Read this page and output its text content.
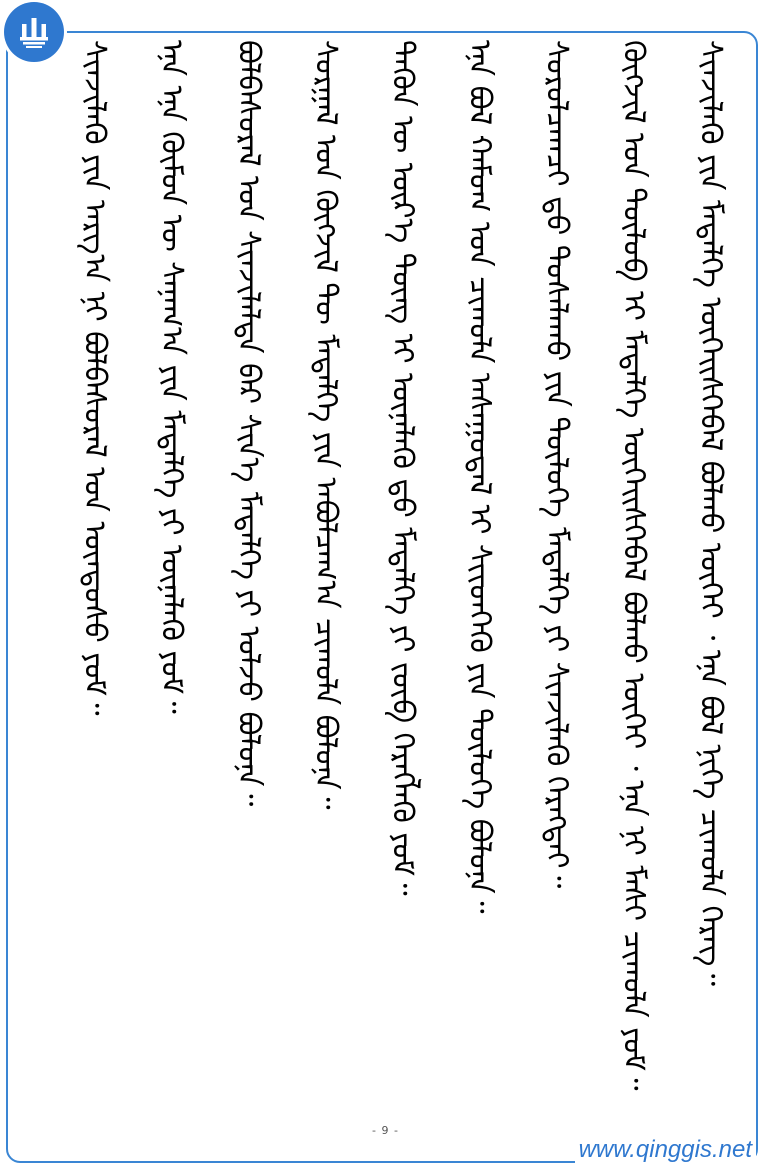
ᠰᠢᠨᠵᠢᠯᠡᠬᠦ ᠶᠢᠨ ᠮᠡᠳᠡᠯᠭᠡ ᠦᠭᠡᠢᠰᠬᠡᠪᠡᠯ ᠪᠣᠯᠬᠤ ᠦᠭᠡᠢ ᠂ ᠡᠨᠡ ᠪᠣᠯ ᠨᠢᠭᠡ ᠴᠢᠬᠤᠯᠠ ᠬᠡᠷᠡᠭ᠃
ᠬᠥᠭᠵᠢᠯ ᠤᠨ ᠲᠥᠯᠥᠪ ᠢ ᠮᠡᠳᠡᠯᠭᠡ ᠦᠭᠡᠢᠰᠬᠡᠪᠡᠯ ᠪᠣᠯᠬᠤ ᠦᠭᠡᠢ ᠂ ᠡᠨᠡ ᠨᠢ ᠮᠠᠰᠢ ᠴᠢᠬᠤᠯᠠ ᠶᠤᠮ᠃
ᠰᠤᠷᠤᠯᠴᠠᠭᠴᠢ ᠳ᠋ᠤ ᠲᠤᠰᠠᠯᠠᠬᠤ ᠶᠢᠨ ᠲᠥᠯᠥᠭᠡ ᠮᠡᠳᠡᠯᠭᠡ ᠶᠢ ᠰᠢᠨᠵᠢᠯᠡᠬᠦ ᠬᠡᠷᠡᠭᠲᠡᠢ᠃
ᠡᠨᠡ ᠪᠣᠯ ᠬᠠᠮᠤᠭ ᠤᠨ ᠴᠢᠬᠤᠯᠠ ᠠᠰᠠᠭᠤᠳᠠᠯ ᠢ ᠰᠢᠢᠳᠬᠡᠬᠦ ᠶᠢᠨ ᠲᠥᠯᠥᠭᠡ ᠪᠣᠯᠤᠨᠠ᠃
ᠲᠡᠭᠦᠨ ᠦ ᠦᠷ᠎ᠡ ᠳᠦᠩ ᠢ ᠦᠨᠡᠯᠡᠬᠦ ᠳ᠋ᠦ ᠮᠡᠳᠡᠯᠭᠡ ᠶᠢ ᠵᠥᠪ ᠬᠡᠷᠡᠭᠯᠡᠬᠦ ᠶᠤᠮ᠃
ᠰᠤᠷᠭᠠᠯ ᠤᠨ ᠬᠥᠭᠵᠢᠯ ᠲᠦ ᠮᠡᠳᠡᠯᠭᠡ ᠶᠢᠨ ᠠᠪᠤᠯᠴᠠᠭ᠎ᠠ ᠴᠢᠬᠤᠯᠠ ᠪᠣᠯᠤᠨᠠ᠃
ᠪᠣᠯᠪᠠᠰᠤᠷᠠᠯ ᠤᠨ ᠰᠢᠨᠵᠢᠯᠡᠯᠳᠡ ᠪᠡᠷ ᠰᠢᠨ᠎ᠡ ᠮᠡᠳᠡᠯᠭᠡ ᠶᠢ ᠣᠯᠵᠤ ᠪᠣᠯᠤᠨᠠ᠃
ᠡᠨᠡ ᠡᠨᠡ ᠬᠦᠮᠦᠨ ᠦ ᠰᠠᠨᠠᠭ᠎ᠠ ᠶᠢᠨ ᠮᠡᠳᠡᠯᠭᠡ ᠶᠢ ᠦᠨᠡᠯᠡᠬᠦ ᠶᠤᠮ᠃
ᠰᠢᠨᠵᠢᠯᠡᠬᠦ ᠶᠢᠨ ᠠᠷᠭ᠎ᠠ ᠨᠢ ᠪᠣᠯᠪᠠᠰᠤᠷᠠᠯ ᠤᠨ ᠦᠨᠳᠦᠰᠦ ᠶᠤᠮ᠃
- 9 -
www.qinggis.net
